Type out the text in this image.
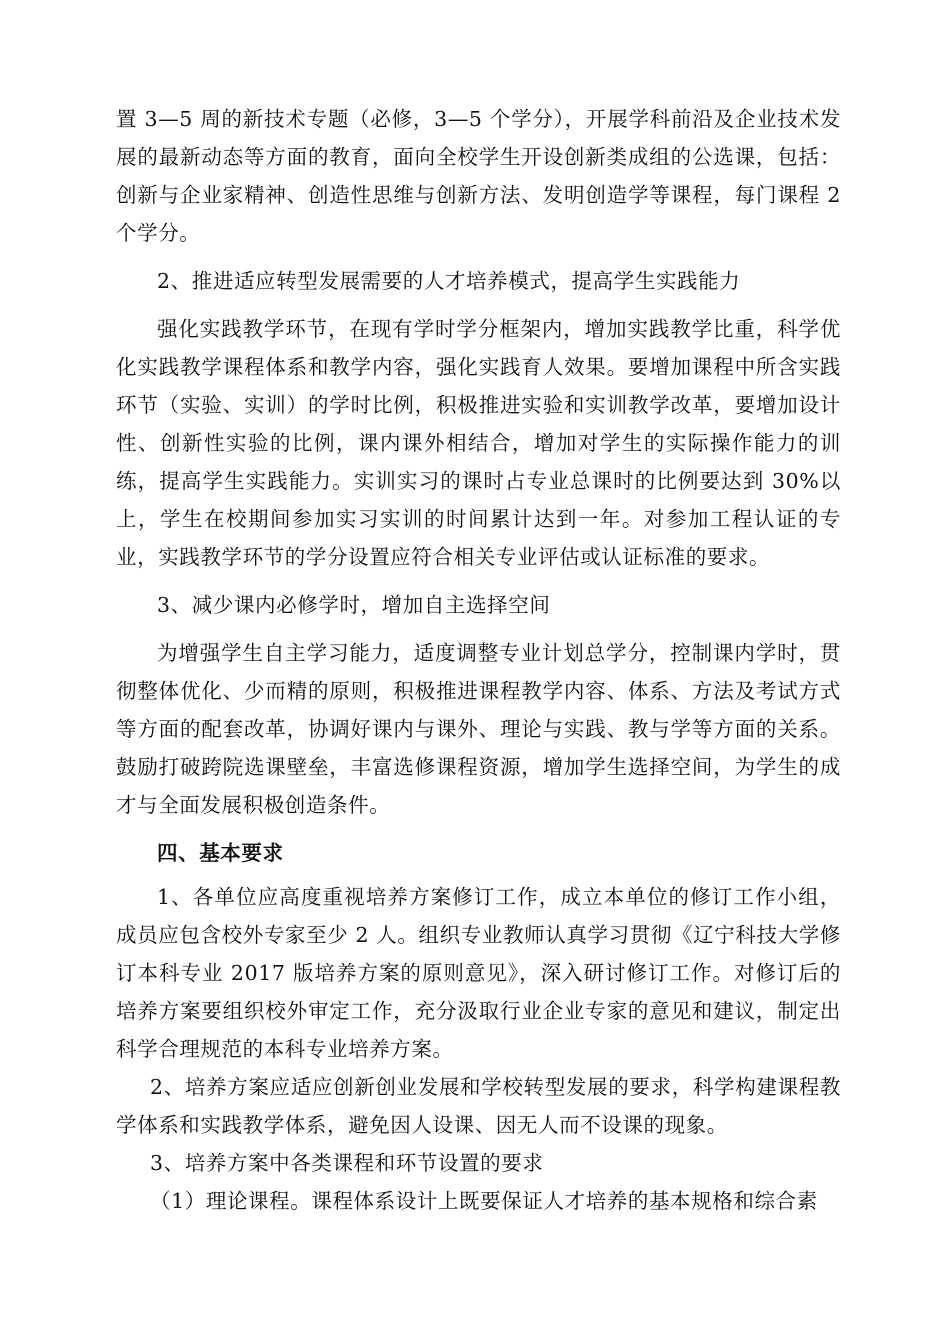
置 3—5 周的新技术专题（必修，3—5 个学分），开展学科前沿及企业技术发展的最新动态等方面的教育，面向全校学生开设创新类成组的公选课，包括：创新与企业家精神、创造性思维与创新方法、发明创造学等课程，每门课程 2 个学分。

2、推进适应转型发展需要的人才培养模式，提高学生实践能力

强化实践教学环节，在现有学时学分框架内，增加实践教学比重，科学优化实践教学课程体系和教学内容，强化实践育人效果。要增加课程中所含实践环节（实验、实训）的学时比例，积极推进实验和实训教学改革，要增加设计性、创新性实验的比例，课内课外相结合，增加对学生的实际操作能力的训练，提高学生实践能力。实训实习的课时占专业总课时的比例要达到 30%以上，学生在校期间参加实习实训的时间累计达到一年。对参加工程认证的专业，实践教学环节的学分设置应符合相关专业评估或认证标准的要求。

3、减少课内必修学时，增加自主选择空间

为增强学生自主学习能力，适度调整专业计划总学分，控制课内学时，贯彻整体优化、少而精的原则，积极推进课程教学内容、体系、方法及考试方式等方面的配套改革，协调好课内与课外、理论与实践、教与学等方面的关系。鼓励打破跨院选课壁垒，丰富选修课程资源，增加学生选择空间，为学生的成才与全面发展积极创造条件。

四、基本要求

1、各单位应高度重视培养方案修订工作，成立本单位的修订工作小组，成员应包含校外专家至少 2 人。组织专业教师认真学习贯彻《辽宁科技大学修订本科专业 2017 版培养方案的原则意见》，深入研讨修订工作。对修订后的培养方案要组织校外审定工作，充分汲取行业企业专家的意见和建议，制定出科学合理规范的本科专业培养方案。

2、培养方案应适应创新创业发展和学校转型发展的要求，科学构建课程教学体系和实践教学体系，避免因人设课、因无人而不设课的现象。

3、培养方案中各类课程和环节设置的要求

（1）理论课程。课程体系设计上既要保证人才培养的基本规格和综合素
